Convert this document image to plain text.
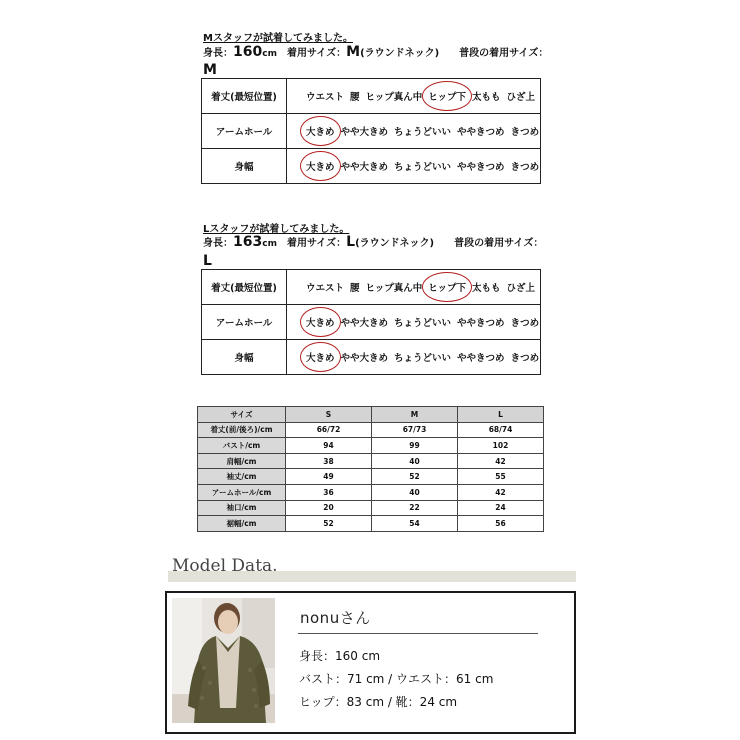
Mスタッフが試着してみました。
身長：160cm 着用サイズ：M(ラウンドネック) 普段の着用サイズ：
M
着丈(最短位置)	ウエスト 腰 ヒップ真ん中 ヒップ下 太もも ひざ上
アームホール	大きめ やや大きめ ちょうどいい ややきつめ きつめ
身幅	大きめ やや大きめ ちょうどいい ややきつめ きつめ
Lスタッフが試着してみました。
身長：163cm 着用サイズ：L(ラウンドネック) 普段の着用サイズ：
L
着丈(最短位置)	ウエスト 腰 ヒップ真ん中 ヒップ下 太もも ひざ上
アームホール	大きめ やや大きめ ちょうどいい ややきつめ きつめ
身幅	大きめ やや大きめ ちょうどいい ややきつめ きつめ
サイズ	S	M	L
着丈(前/後ろ)/cm	66/72	67/73	68/74
バスト/cm	94	99	102
肩幅/cm	38	40	42
袖丈/cm	49	52	55
アームホール/cm	36	40	42
袖口/cm	20	22	24
裾幅/cm	52	54	56
Model Data.
nonuさん
身長：160 cm
バスト：71 cm / ウエスト：61 cm
ヒップ：83 cm / 靴：24 cm
